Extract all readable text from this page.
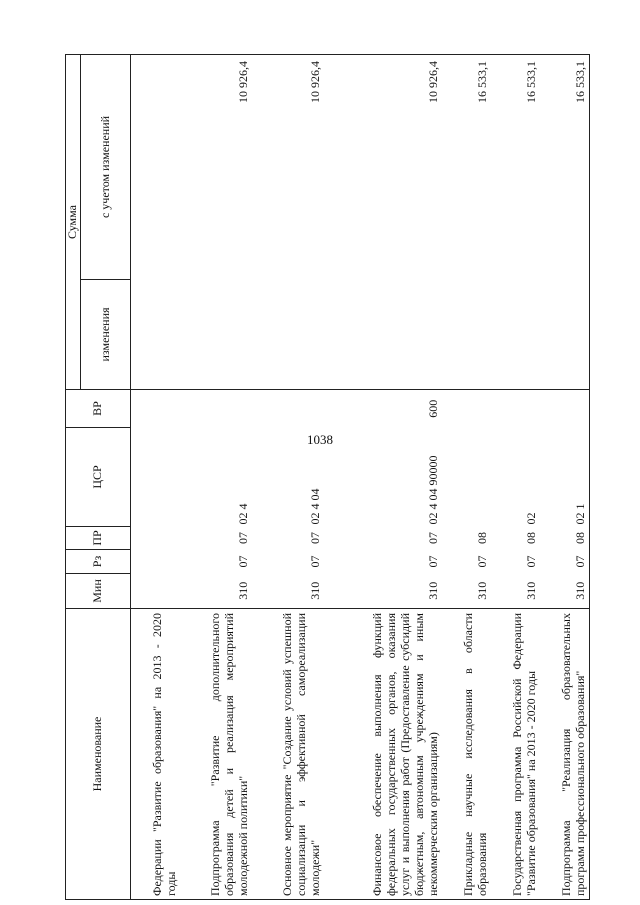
1038
Наименование	Мин	Рз	ПР	ЦСР	ВР	Сумма	
						изменения	с учетом изменений
Федерации "Развитие образования" на 2013 - 2020 годы							
Подпрограмма "Развитие дополнительного образования детей и реализация мероприятий молодежной политики"	310	07	07	02 4			10 926,4
Основное мероприятие "Создание условий успешной социализации и эффективной самореализации молодежи"	310	07	07	02 4 04			10 926,4
Финансовое обеспечение выполнения функций федеральных государственных органов, оказания услуг и выполнения работ (Предоставление субсидий бюджетным, автономным учреждениям и иным некоммерческим организациям)	310	07	07	02 4 04 90000	600		10 926,4
Прикладные научные исследования в области образования	310	07	08				16 533,1
Государственная программа Российской Федерации "Развитие образования" на 2013 - 2020 годы	310	07	08	02			16 533,1
Подпрограмма "Реализация образовательных программ профессионального образования"	310	07	08	02 1			16 533,1
